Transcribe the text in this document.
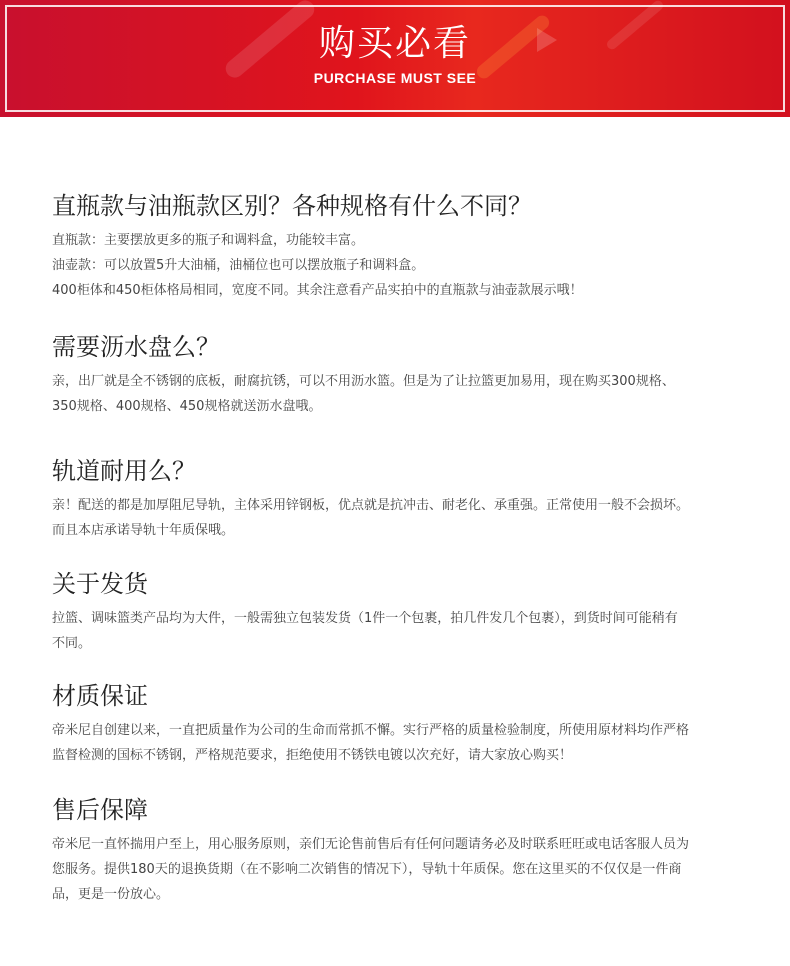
购买必看
PURCHASE MUST SEE
直瓶款与油瓶款区别？各种规格有什么不同？

直瓶款：主要摆放更多的瓶子和调料盒，功能较丰富。

油壶款：可以放置5升大油桶，油桶位也可以摆放瓶子和调料盒。

400柜体和450柜体格局相同，宽度不同。其余注意看产品实拍中的直瓶款与油壶款展示哦！

需要沥水盘么？

亲，出厂就是全不锈钢的底板，耐腐抗锈，可以不用沥水篮。但是为了让拉篮更加易用，现在购买300规格、

350规格、400规格、450规格就送沥水盘哦。

轨道耐用么？

亲！配送的都是加厚阻尼导轨，主体采用锌钢板，优点就是抗冲击、耐老化、承重强。正常使用一般不会损坏。

而且本店承诺导轨十年质保哦。

关于发货

拉篮、调味篮类产品均为大件，一般需独立包装发货（1件一个包裹，拍几件发几个包裹），到货时间可能稍有

不同。

材质保证

帝米尼自创建以来，一直把质量作为公司的生命而常抓不懈。实行严格的质量检验制度，所使用原材料均作严格

监督检测的国标不锈钢，严格规范要求，拒绝使用不锈铁电镀以次充好，请大家放心购买！

售后保障

帝米尼一直怀揣用户至上，用心服务原则，亲们无论售前售后有任何问题请务必及时联系旺旺或电话客服人员为

您服务。提供180天的退换货期（在不影响二次销售的情况下），导轨十年质保。您在这里买的不仅仅是一件商

品，更是一份放心。
